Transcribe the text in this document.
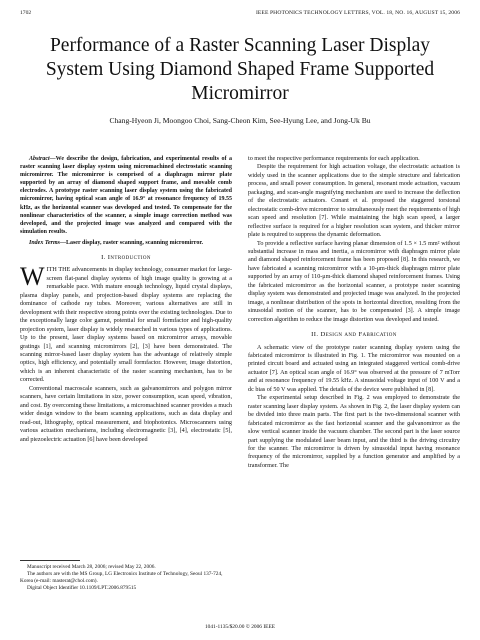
1702	IEEE PHOTONICS TECHNOLOGY LETTERS, VOL. 18, NO. 16, AUGUST 15, 2006
Performance of a Raster Scanning Laser Display
System Using Diamond Shaped Frame Supported
Micromirror
Chang-Hyeon Ji, Moongoo Choi, Sang-Cheon Kim, See-Hyung Lee, and Jong-Uk Bu

Abstract—We describe the design, fabrication, and experimental results of a raster scanning laser display system using micromachined electrostatic scanning micromirror. The micromirror is comprised of a diaphragm mirror plate supported by an array of diamond shaped support frame, and movable comb electrodes. A prototype raster scanning laser display system using the fabricated micromirror, having optical scan angle of 16.9° at resonance frequency of 19.55 kHz, as the horizontal scanner was developed and tested. To compensate for the nonlinear characteristics of the scanner, a simple image correction method was developed, and the projected image was analyzed and compared with the simulation results.

Index Terms—Laser display, raster scanning, scanning micromirror.

I. Introduction

WITH THE advancements in display technology, consumer market for large-screen flat-panel display systems of high image quality is growing at a remarkable pace. With mature enough technology, liquid crystal displays, plasma display panels, and projection-based display systems are replacing the dominance of cathode ray tubes. Moreover, various alternatives are still in development with their respective strong points over the existing technologies. Due to the exceptionally large color gamut, potential for small formfactor and high-quality projection system, laser display is widely researched in various types of applications. Up to the present, laser display systems based on micromirror arrays, movable gratings [1], and scanning micromirrors [2], [3] have been demonstrated. The scanning mirror-based laser display system has the advantage of relatively simple optics, high efficiency, and potentially small formfactor. However, image distortion, which is an inherent characteristic of the raster scanning mechanism, has to be corrected.

Conventional macroscale scanners, such as galvanomirrors and polygon mirror scanners, have certain limitations in size, power consumption, scan speed, vibration, and cost. By overcoming these limitations, a micromachined scanner provides a much wider design window to the beam scanning applications, such as data display and read-out, lithography, optical measurement, and biophotonics. Microscanners using various actuation mechanisms, including electromagnetic [3], [4], electrostatic [5], and piezoelectric actuation [6] have been developed

to meet the respective performance requirements for each application.

Despite the requirement for high actuation voltage, the electrostatic actuation is widely used in the scanner applications due to the simple structure and fabrication process, and small power consumption. In general, resonant mode actuation, vacuum packaging, and scan-angle magnifying mechanism are used to increase the deflection of the electrostatic actuators. Conant et al. proposed the staggered torsional electrostatic comb-drive micromirror to simultaneously meet the requirements of high scan speed and resolution [7]. While maintaining the high scan speed, a larger reflective surface is required for a higher resolution scan system, and thicker mirror plate is required to suppress the dynamic deformation.

To provide a reflective surface having planar dimension of 1.5 × 1.5 mm² without substantial increase in mass and inertia, a micromirror with diaphragm mirror plate and diamond shaped reinforcement frame has been proposed [8]. In this research, we have fabricated a scanning micromirror with a 10-μm-thick diaphragm mirror plate supported by an array of 110-μm-thick diamond shaped reinforcement frames. Using the fabricated micromirror as the horizontal scanner, a prototype raster scanning display system was demonstrated and projected image was analyzed. In the projected image, a nonlinear distribution of the spots in horizontal direction, resulting from the sinusoidal motion of the scanner, has to be compensated [3]. A simple image correction algorithm to reduce the image distortion was developed and tested.

II. Design and Fabrication

A schematic view of the prototype raster scanning display system using the fabricated micromirror is illustrated in Fig. 1. The micromirror was mounted on a printed circuit board and actuated using an integrated staggered vertical comb-drive actuator [7]. An optical scan angle of 16.9° was observed at the pressure of 7 mTorr and at resonance frequency of 19.55 kHz. A sinusoidal voltage input of 100 V and a dc bias of 50 V was applied. The details of the device were published in [8].

The experimental setup described in Fig. 2 was employed to demonstrate the raster scanning laser display system. As shown in Fig. 2, the laser display system can be divided into three main parts. The first part is the two-dimensional scanner with fabricated micromirror as the fast horizontal scanner and the galvanomirror as the slow vertical scanner inside the vacuum chamber. The second part is the laser source part supplying the modulated laser beam input, and the third is the driving circuitry for the scanner. The micromirror is driven by sinusoidal input having resonance frequency of the micromirror, supplied by a function generator and amplified by a transformer. The

Manuscript received March 28, 2006; revised May 22, 2006.

The authors are with the MS Group, LG Electronics Institute of Technology, Seoul 137-724, Korea (e-mail: masterat@chol.com).

Digital Object Identifier 10.1109/LPT.2006.879515

1041-1135/$20.00 © 2006 IEEE
